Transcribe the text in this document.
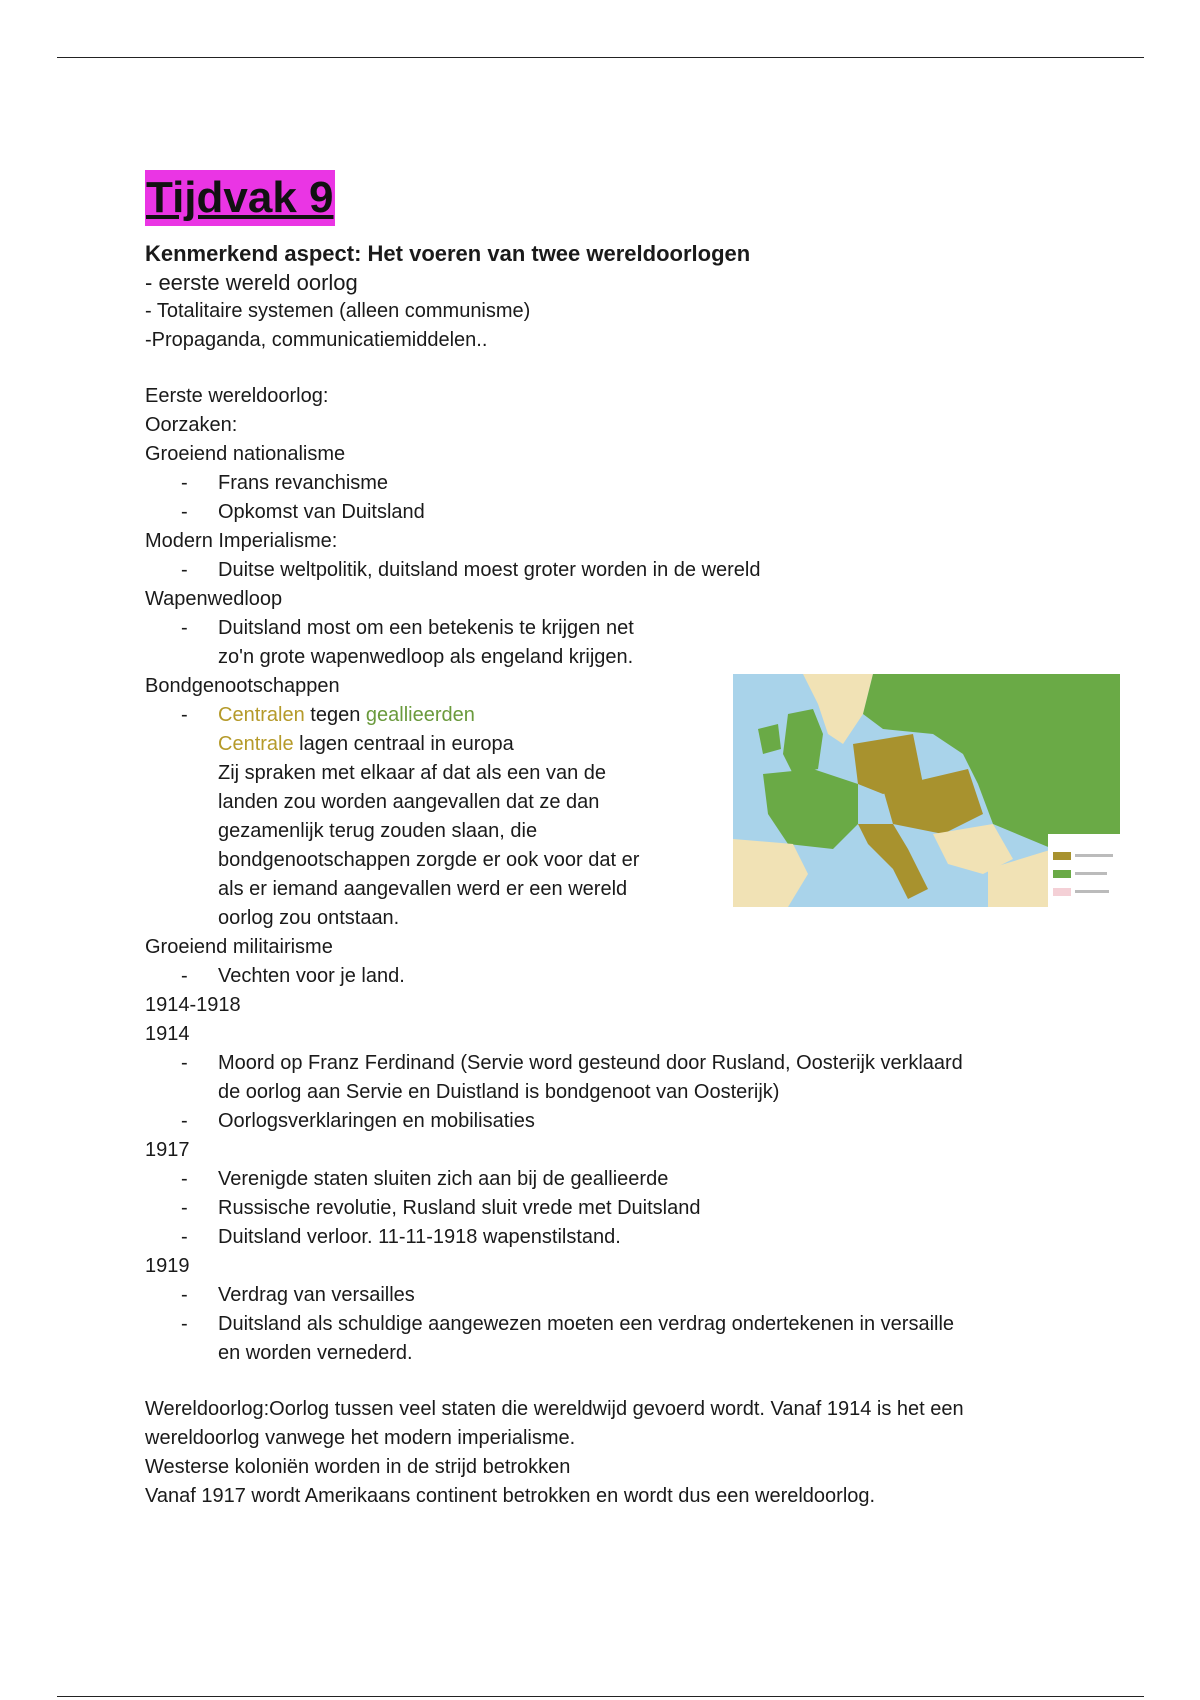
Tijdvak 9
Kenmerkend aspect: Het voeren van twee wereldoorlogen
- eerste wereld oorlog
- Totalitaire systemen (alleen communisme)
-Propaganda, communicatiemiddelen..
Eerste wereldoorlog:
Oorzaken:
Groeiend nationalisme
- Frans revanchisme
- Opkomst van Duitsland
Modern Imperialisme:
- Duitse weltpolitik, duitsland moest groter worden in de wereld
Wapenwedloop
- Duitsland most om een betekenis te krijgen net
zo'n grote wapenwedloop als engeland krijgen.
Bondgenootschappen
- Centralen tegen geallieerden
Centrale lagen centraal in europa
Zij spraken met elkaar af dat als een van de
landen zou worden aangevallen dat ze dan
gezamenlijk terug zouden slaan, die
bondgenootschappen zorgde er ook voor dat er
als er iemand aangevallen werd er een wereld
oorlog zou ontstaan.
Groeiend militairisme
- Vechten voor je land.
1914-1918
1914
- Moord op Franz Ferdinand (Servie word gesteund door Rusland, Oosterijk verklaard
de oorlog aan Servie en Duistland is bondgenoot van Oosterijk)
- Oorlogsverklaringen en mobilisaties
1917
- Verenigde staten sluiten zich aan bij de geallieerde
- Russische revolutie, Rusland sluit vrede met Duitsland
- Duitsland verloor. 11-11-1918 wapenstilstand.
1919
- Verdrag van versailles
- Duitsland als schuldige aangewezen moeten een verdrag ondertekenen in versaille
en worden vernederd.
Wereldoorlog:Oorlog tussen veel staten die wereldwijd gevoerd wordt. Vanaf 1914 is het een
wereldoorlog vanwege het modern imperialisme.
Westerse koloniën worden in de strijd betrokken
Vanaf 1917 wordt Amerikaans continent betrokken en wordt dus een wereldoorlog.
